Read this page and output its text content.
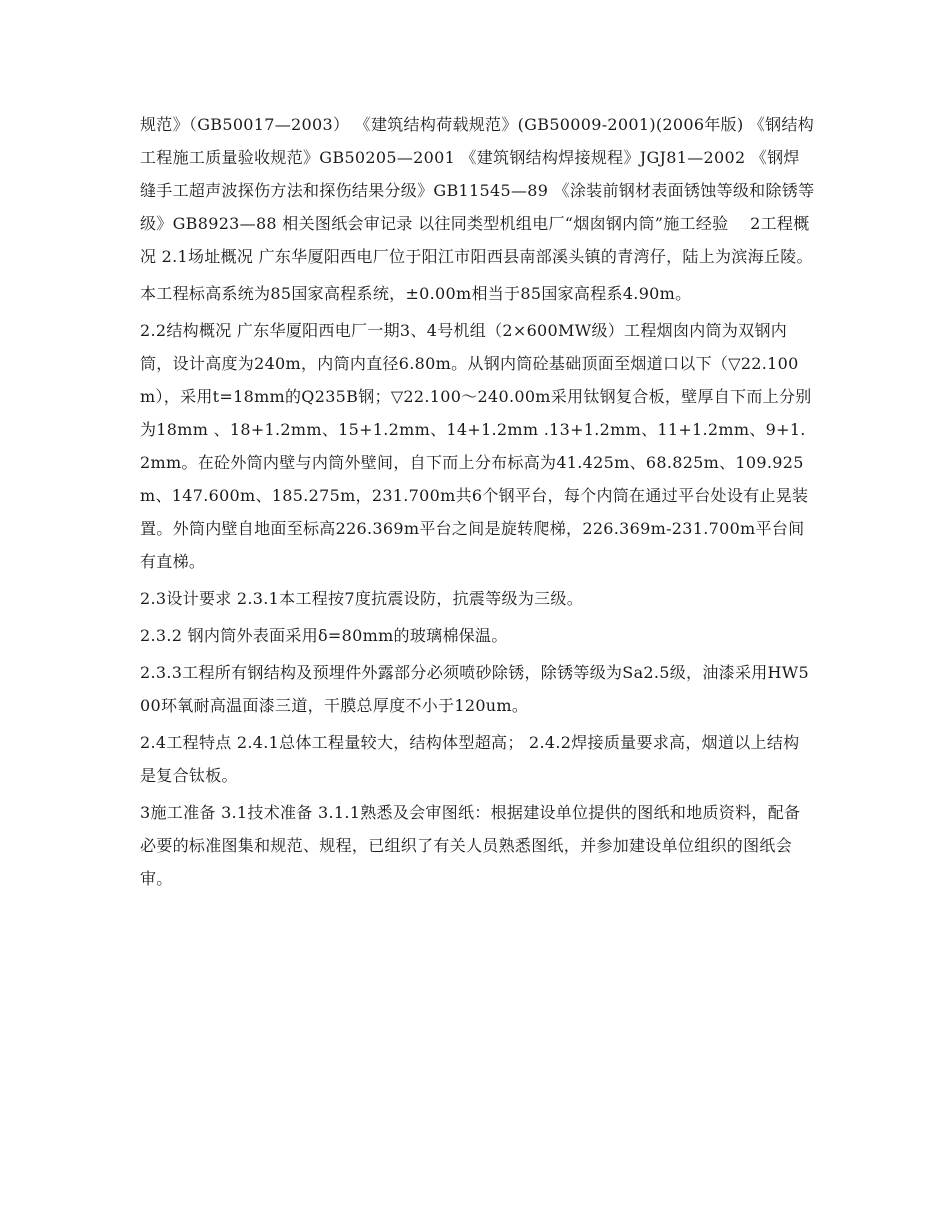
规范》（GB50017—2003） 《建筑结构荷载规范》(GB50009-2001)(2006年版) 《钢结构工程施工质量验收规范》GB50205—2001 《建筑钢结构焊接规程》JGJ81—2002 《钢焊缝手工超声波探伤方法和探伤结果分级》GB11545—89 《涂装前钢材表面锈蚀等级和除锈等级》GB8923—88 相关图纸会审记录 以往同类型机组电厂“烟囱钢内筒”施工经验　 2工程概况 2.1场址概况 广东华厦阳西电厂位于阳江市阳西县南部溪头镇的青湾仔，陆上为滨海丘陵。

本工程标高系统为85国家高程系统，±0.00m相当于85国家高程系4.90m。

2.2结构概况 广东华厦阳西电厂一期3、4号机组（2×600MW级）工程烟囱内筒为双钢内筒，设计高度为240m，内筒内直径6.80m。从钢内筒砼基础顶面至烟道口以下（▽22.100m），采用t=18mm的Q235B钢；▽22.100～240.00m采用钛钢复合板，壁厚自下而上分别为18mm 、18+1.2mm、15+1.2mm、14+1.2mm .13+1.2mm、11+1.2mm、9+1.2mm。在砼外筒内壁与内筒外壁间，自下而上分布标高为41.425m、68.825m、109.925m、147.600m、185.275m，231.700m共6个钢平台，每个内筒在通过平台处设有止晃装置。外筒内壁自地面至标高226.369m平台之间是旋转爬梯，226.369m-231.700m平台间有直梯。

2.3设计要求 2.3.1本工程按7度抗震设防，抗震等级为三级。

2.3.2 钢内筒外表面采用δ=80mm的玻璃棉保温。

2.3.3工程所有钢结构及预埋件外露部分必须喷砂除锈，除锈等级为Sa2.5级，油漆采用HW500环氧耐高温面漆三道，干膜总厚度不小于120um。

2.4工程特点 2.4.1总体工程量较大，结构体型超高； 2.4.2焊接质量要求高，烟道以上结构是复合钛板。

3施工准备 3.1技术准备 3.1.1熟悉及会审图纸：根据建设单位提供的图纸和地质资料，配备必要的标准图集和规范、规程，已组织了有关人员熟悉图纸，并参加建设单位组织的图纸会审。
